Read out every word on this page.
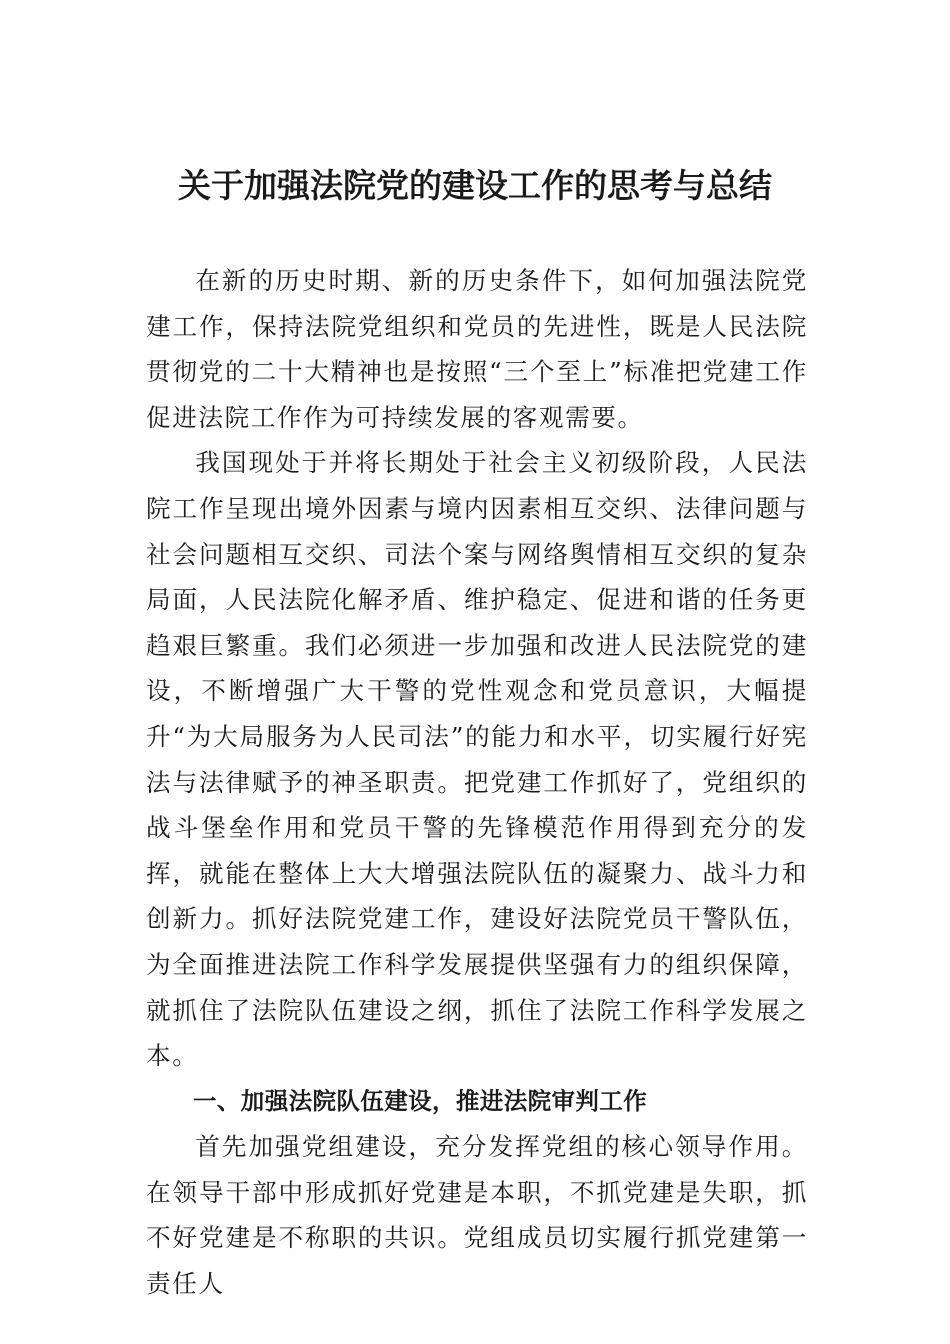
关于加强法院党的建设工作的思考与总结

在新的历史时期、新的历史条件下，如何加强法院党建工作，保持法院党组织和党员的先进性，既是人民法院贯彻党的二十大精神也是按照“三个至上”标准把党建工作促进法院工作作为可持续发展的客观需要。

我国现处于并将长期处于社会主义初级阶段，人民法院工作呈现出境外因素与境内因素相互交织、法律问题与社会问题相互交织、司法个案与网络舆情相互交织的复杂局面，人民法院化解矛盾、维护稳定、促进和谐的任务更趋艰巨繁重。我们必须进一步加强和改进人民法院党的建设，不断增强广大干警的党性观念和党员意识，大幅提升“为大局服务为人民司法”的能力和水平，切实履行好宪法与法律赋予的神圣职责。把党建工作抓好了，党组织的战斗堡垒作用和党员干警的先锋模范作用得到充分的发挥，就能在整体上大大增强法院队伍的凝聚力、战斗力和创新力。抓好法院党建工作，建设好法院党员干警队伍，为全面推进法院工作科学发展提供坚强有力的组织保障，就抓住了法院队伍建设之纲，抓住了法院工作科学发展之本。

一、加强法院队伍建设，推进法院审判工作

首先加强党组建设，充分发挥党组的核心领导作用。在领导干部中形成抓好党建是本职，不抓党建是失职，抓不好党建是不称职的共识。党组成员切实履行抓党建第一责任人
